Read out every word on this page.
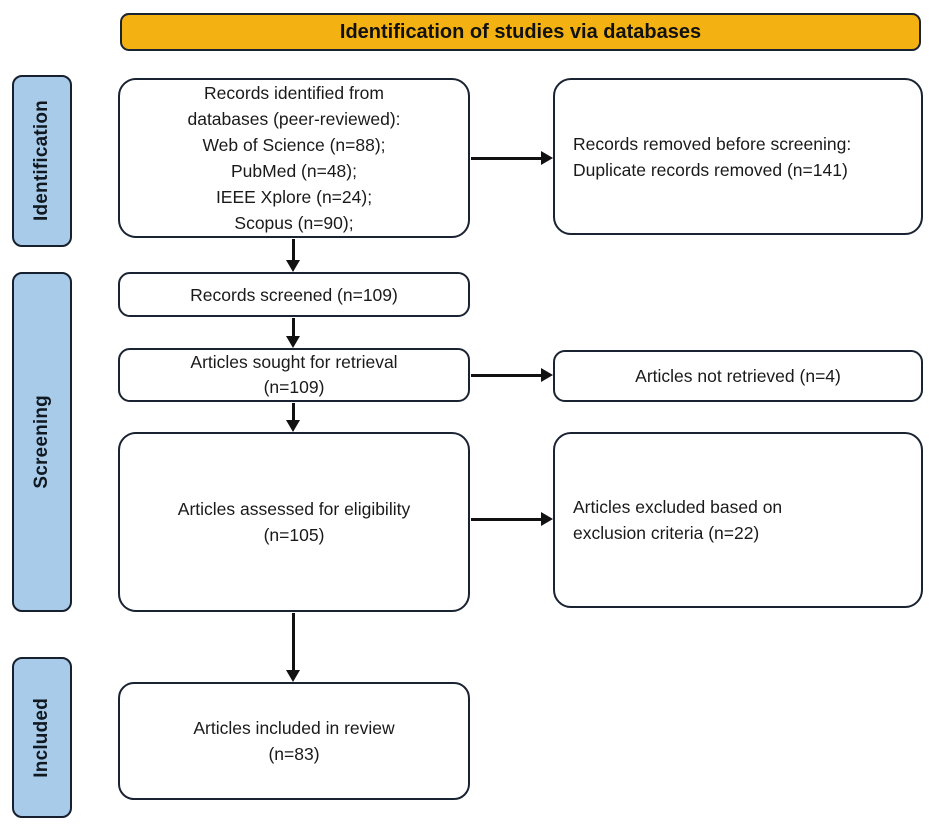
Identification of studies via databases
Identification
Screening
Included
Records identified from
databases (peer-reviewed):
Web of Science (n=88);
PubMed (n=48);
IEEE Xplore (n=24);
Scopus (n=90);
Records screened (n=109)
Articles sought for retrieval
(n=109)
Articles assessed for eligibility
(n=105)
Articles included in review
(n=83)
Records removed before screening:
Duplicate records removed (n=141)
Articles not retrieved (n=4)
Articles excluded based on
exclusion criteria (n=22)
